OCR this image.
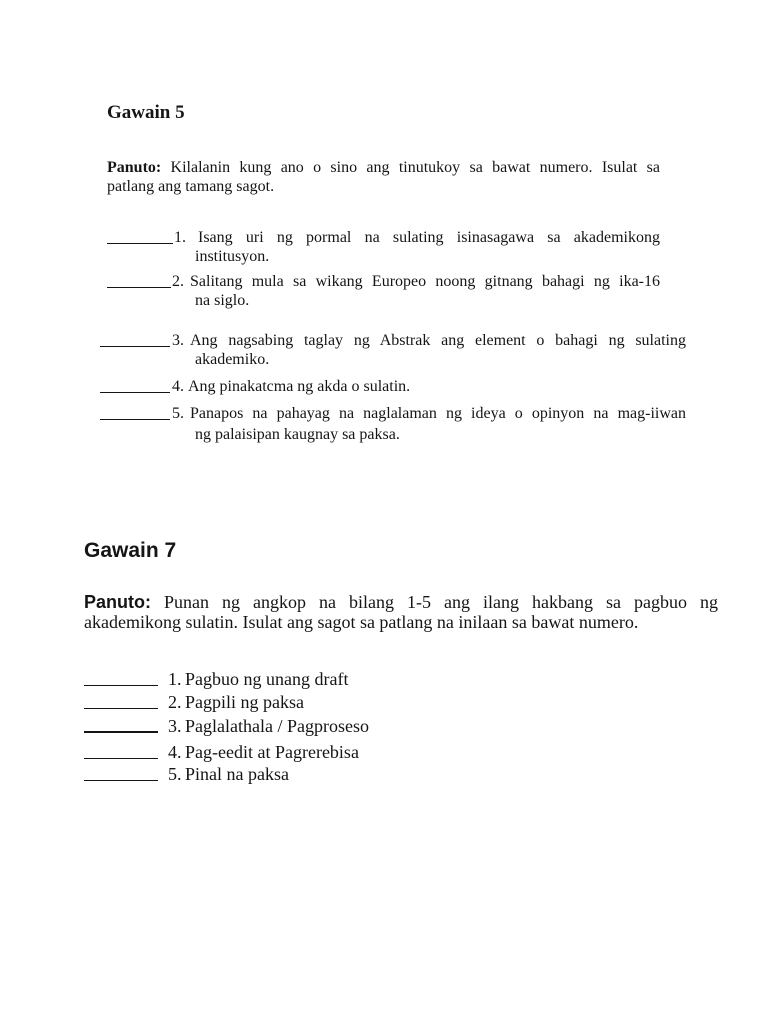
Gawain 5
Panuto: Kilalanin kung ano o sino ang tinutukoy sa bawat numero. Isulat sa
patlang ang tamang sagot.
1. Isang uri ng pormal na sulating isinasagawa sa akademikong
institusyon.
2. Salitang mula sa wikang Europeo noong gitnang bahagi ng ika-16
na siglo.
3. Ang nagsabing taglay ng Abstrak ang element o bahagi ng sulating
akademiko.
4. Ang pinakatcma ng akda o sulatin.
5. Panapos na pahayag na naglalaman ng ideya o opinyon na mag-iiwan
ng palaisipan kaugnay sa paksa.
Gawain 7
Panuto: Punan ng angkop na bilang 1-5 ang ilang hakbang sa pagbuo ng
akademikong sulatin. Isulat ang sagot sa patlang na inilaan sa bawat numero.
1. Pagbuo ng unang draft
2. Pagpili ng paksa
3. Paglalathala / Pagproseso
4. Pag-eedit at Pagrerebisa
5. Pinal na paksa
